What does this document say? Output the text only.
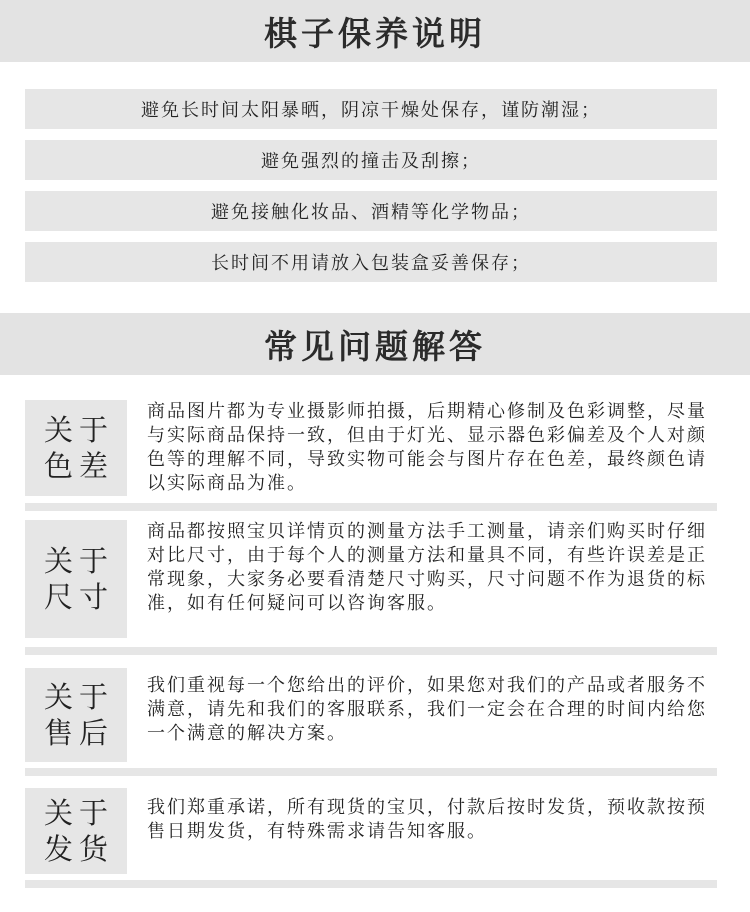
棋子保养说明
避免长时间太阳暴晒，阴凉干燥处保存，谨防潮湿；
避免强烈的撞击及刮擦；
避免接触化妆品、酒精等化学物品；
长时间不用请放入包装盒妥善保存；
常见问题解答
关于
色差
商品图片都为专业摄影师拍摄，后期精心修制及色彩调整，尽量与实际商品保持一致，但由于灯光、显示器色彩偏差及个人对颜色等的理解不同，导致实物可能会与图片存在色差，最终颜色请以实际商品为准。
关于
尺寸
商品都按照宝贝详情页的测量方法手工测量，请亲们购买时仔细对比尺寸，由于每个人的测量方法和量具不同，有些许误差是正常现象，大家务必要看清楚尺寸购买，尺寸问题不作为退货的标准，如有任何疑问可以咨询客服。
关于
售后
我们重视每一个您给出的评价，如果您对我们的产品或者服务不满意，请先和我们的客服联系，我们一定会在合理的时间内给您一个满意的解决方案。
关于
发货
我们郑重承诺，所有现货的宝贝，付款后按时发货，预收款按预售日期发货，有特殊需求请告知客服。
